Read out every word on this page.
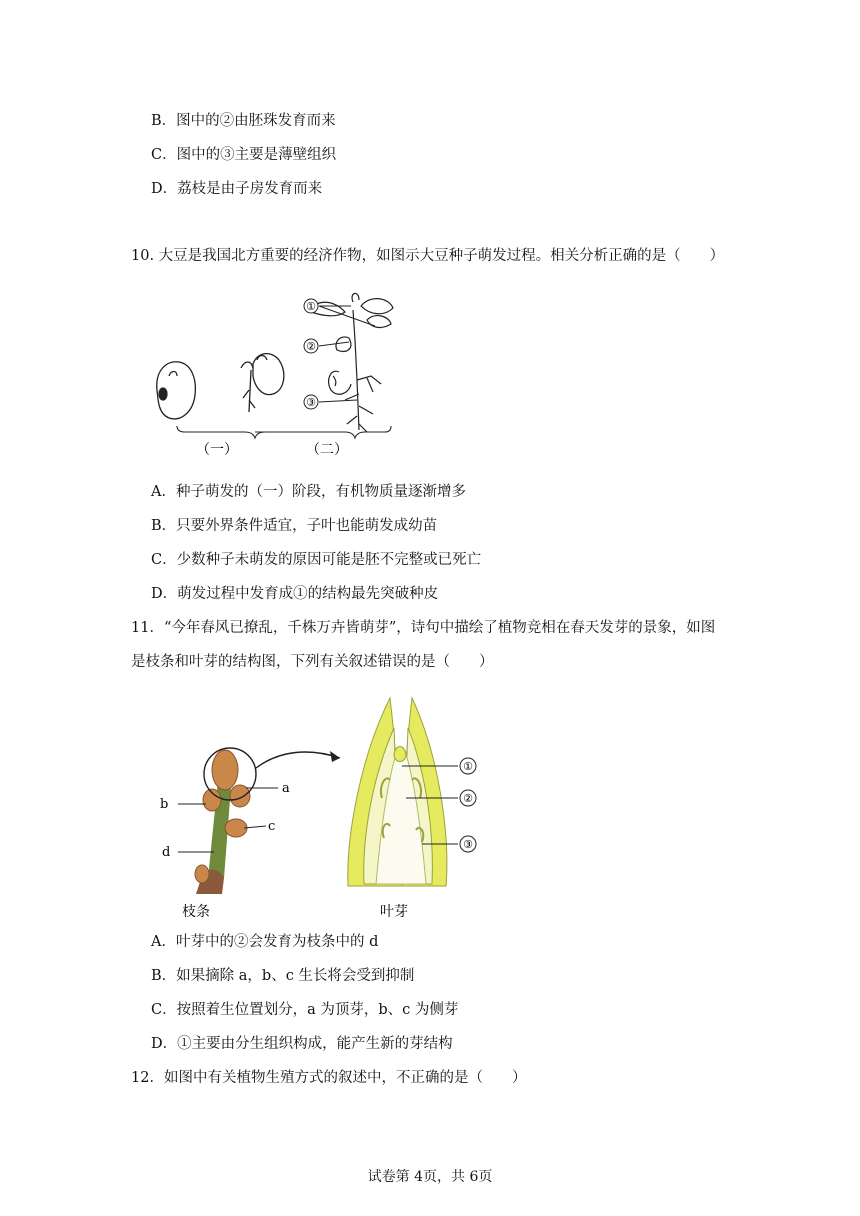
B．图中的②由胚珠发育而来
C．图中的③主要是薄壁组织
D．荔枝是由子房发育而来
10. 大豆是我国北方重要的经济作物，如图示大豆种子萌发过程。相关分析正确的是（　　）
①
②
③
（一）	（二）
A．种子萌发的（一）阶段，有机物质量逐渐增多
B．只要外界条件适宜，子叶也能萌发成幼苗
C．少数种子未萌发的原因可能是胚不完整或已死亡
D．萌发过程中发育成①的结构最先突破种皮
11．“今年春风已撩乱，千株万卉皆萌芽”，诗句中描绘了植物竞相在春天发芽的景象，如图
是枝条和叶芽的结构图，下列有关叙述错误的是（　　）
a
b
c
d
①
②
③
枝条	叶芽
A．叶芽中的②会发育为枝条中的 d
B．如果摘除 a，b、c 生长将会受到抑制
C．按照着生位置划分，a 为顶芽，b、c 为侧芽
D．①主要由分生组织构成，能产生新的芽结构
12．如图中有关植物生殖方式的叙述中，不正确的是（　　）
试卷第 4页，共 6页
